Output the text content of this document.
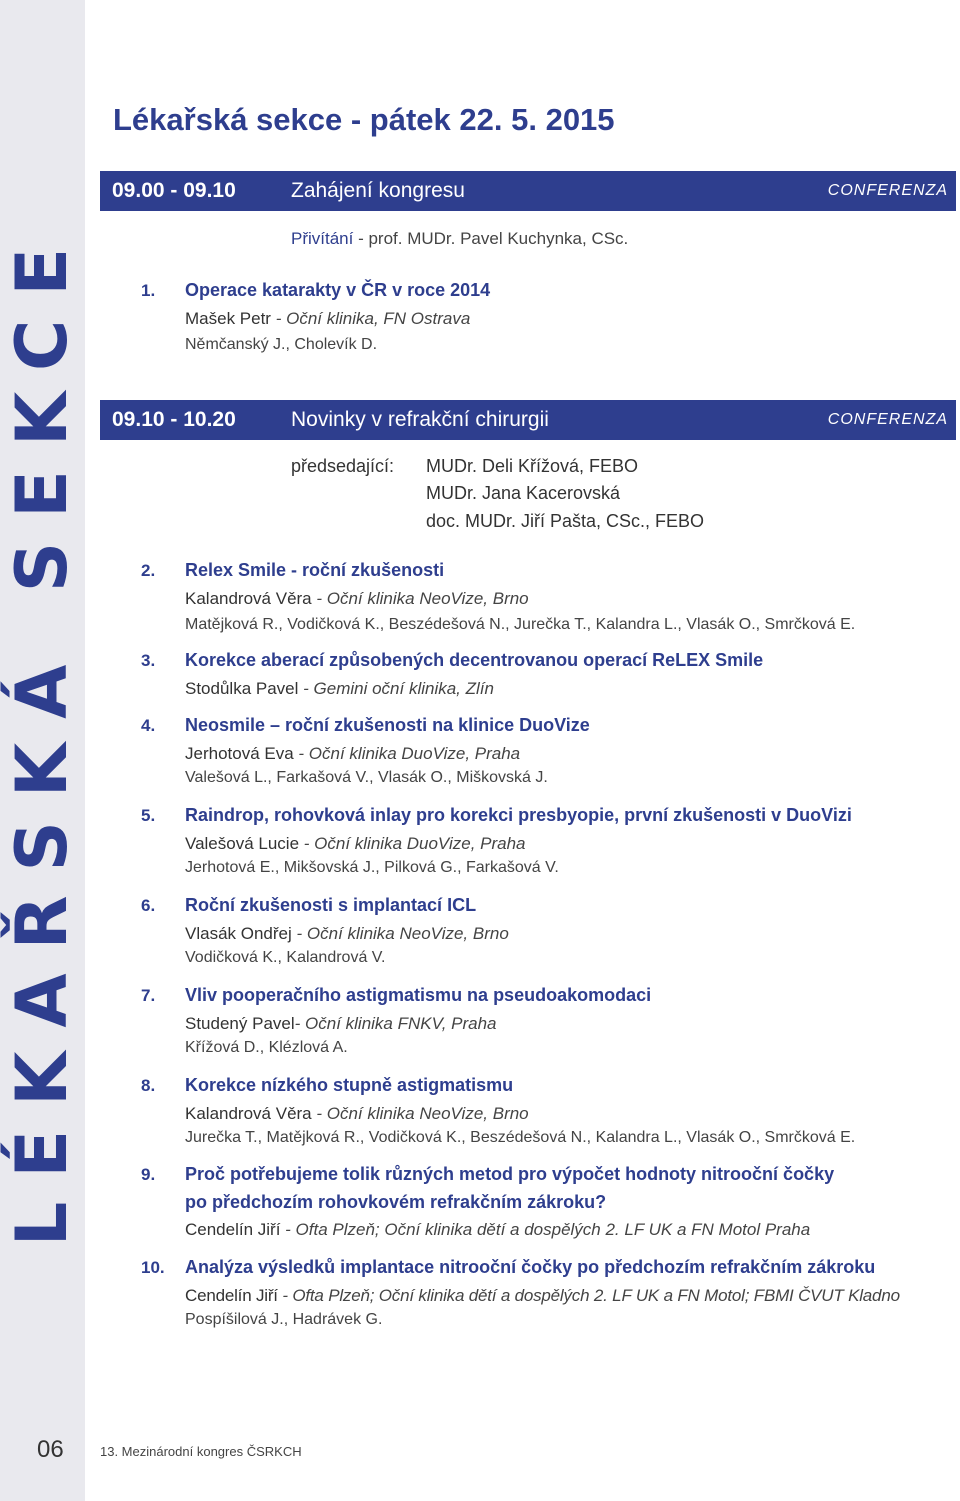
LÉKAŘSKÁ SEKCE
06	13. Mezinárodní kongres ČSRKCH
Lékařská sekce - pátek 22. 5. 2015
09.00 - 09.10	Zahájení kongresu	CONFERENZA
Přivítání - prof. MUDr. Pavel Kuchynka, CSc.
1.	Operace katarakty v ČR v roce 2014
Mašek Petr - Oční klinika, FN Ostrava
Němčanský J., Cholevík D.
09.10 - 10.20	Novinky v refrakční chirurgii	CONFERENZA
předsedající: MUDr. Deli Křížová, FEBO
MUDr. Jana Kacerovská
doc. MUDr. Jiří Pašta, CSc., FEBO
2.	Relex Smile - roční zkušenosti
Kalandrová Věra - Oční klinika NeoVize, Brno
Matějková R., Vodičková K., Beszédešová N., Jurečka T., Kalandra L., Vlasák O., Smrčková E.
3.	Korekce aberací způsobených decentrovanou operací ReLEX Smile
Stodůlka Pavel - Gemini oční klinika, Zlín
4.	Neosmile – roční zkušenosti na klinice DuoVize
Jerhotová Eva - Oční klinika DuoVize, Praha
Valešová L., Farkašová V., Vlasák O., Miškovská J.
5.	Raindrop, rohovková inlay pro korekci presbyopie, první zkušenosti v DuoVizi
Valešová Lucie - Oční klinika DuoVize, Praha
Jerhotová E., Mikšovská J., Pilková G., Farkašová V.
6.	Roční zkušenosti s implantací ICL
Vlasák Ondřej - Oční klinika NeoVize, Brno
Vodičková K., Kalandrová V.
7.	Vliv pooperačního astigmatismu na pseudoakomodaci
Studený Pavel- Oční klinika FNKV, Praha
Křížová D., Klézlová A.
8.	Korekce nízkého stupně astigmatismu
Kalandrová Věra - Oční klinika NeoVize, Brno
Jurečka T., Matějková R., Vodičková K., Beszédešová N., Kalandra L., Vlasák O., Smrčková E.
9.	Proč potřebujeme tolik různých metod pro výpočet hodnoty nitrooční čočky
po předchozím rohovkovém refrakčním zákroku?
Cendelín Jiří - Ofta Plzeň; Oční klinika dětí a dospělých 2. LF UK a FN Motol Praha
10.	Analýza výsledků implantace nitrooční čočky po předchozím refrakčním zákroku
Cendelín Jiří - Ofta Plzeň; Oční klinika dětí a dospělých 2. LF UK a FN Motol; FBMI ČVUT Kladno
Pospíšilová J., Hadrávek G.
